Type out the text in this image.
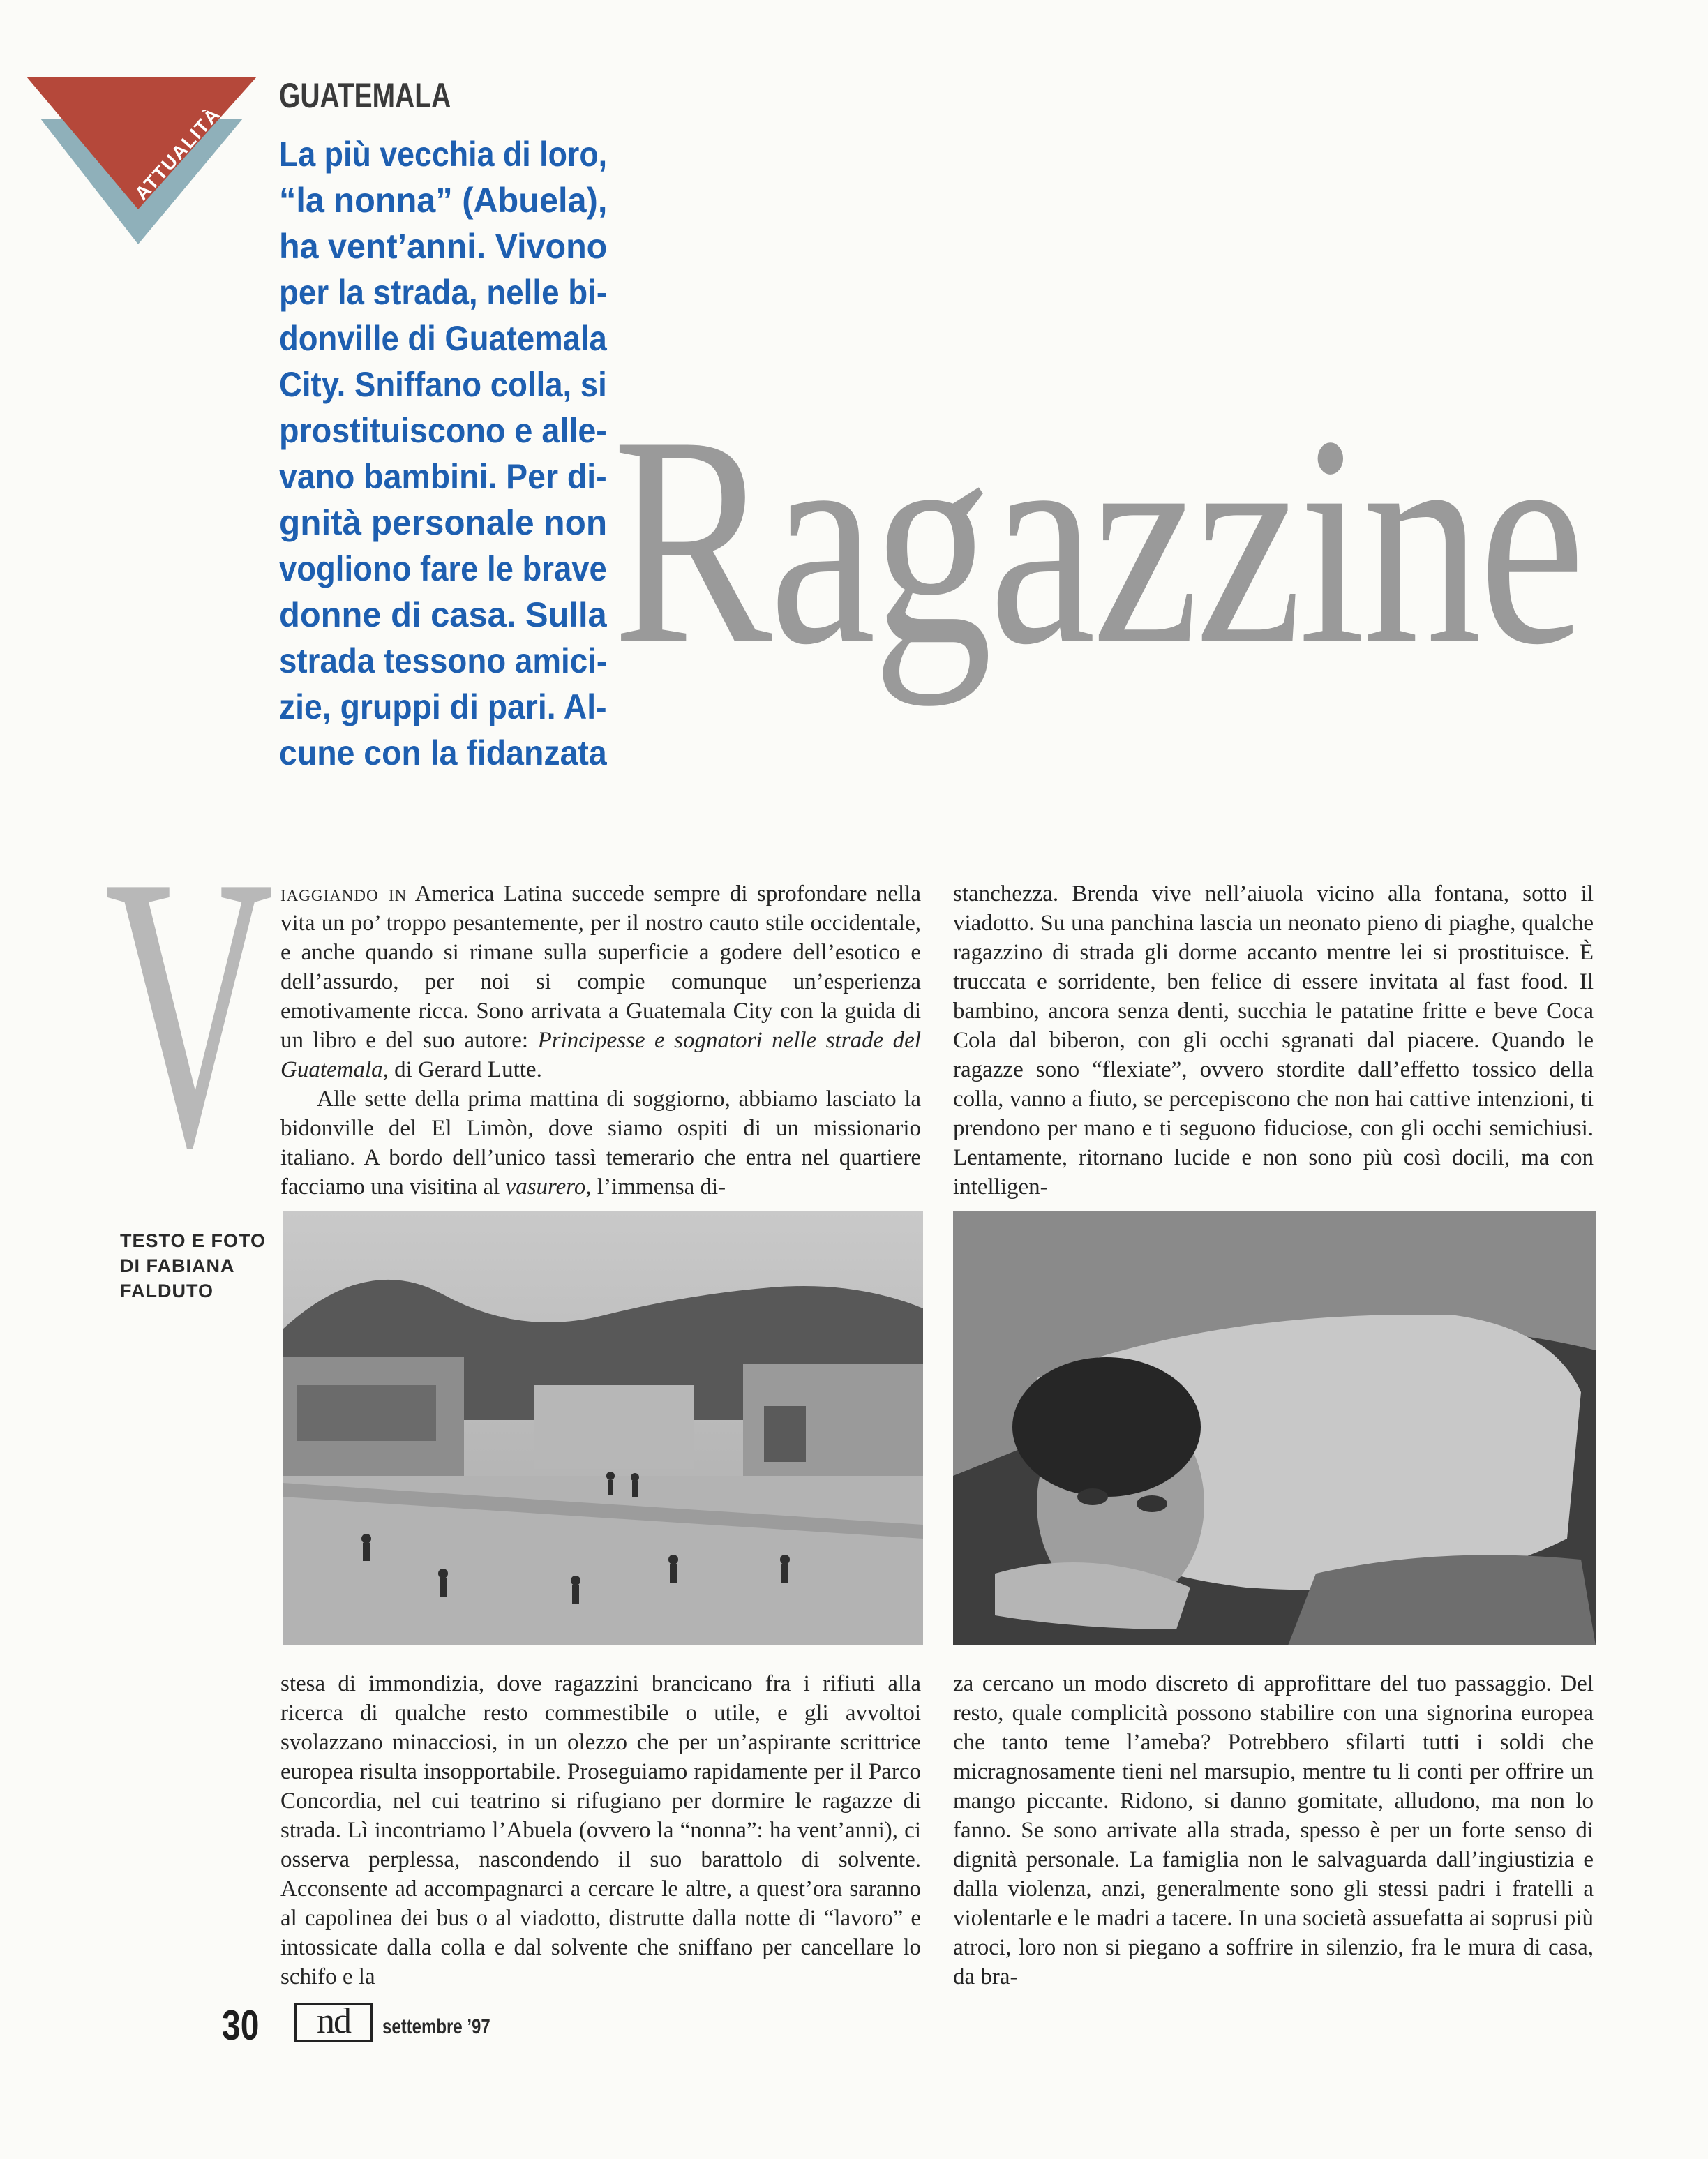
ATTUALITÀ
GUATEMALA
La più vecchia di loro,
“la nonna” (Abuela),
ha vent’anni. Vivono
per la strada, nelle bi-
donville di Guatemala
City. Sniffano colla, si
prostituiscono e alle-
vano bambini. Per di-
gnità personale non
vogliono fare le brave
donne di casa. Sulla
strada tessono amici-
zie, gruppi di pari. Al-
cune con la fidanzata
Ragazzine
V
TESTO E FOTO
DI FABIANA
FALDUTO

iaggiando in America Latina succede sempre di sprofondare nella vita un po’ troppo pesantemente, per il nostro cauto stile occidentale, e anche quando si rimane sulla superficie a godere dell’esotico e dell’assurdo, per noi si compie comunque un’esperienza emotivamente ricca. Sono arrivata a Guatemala City con la guida di un libro e del suo autore: Principesse e sognatori nelle strade del Guatemala, di Gerard Lutte.

Alle sette della prima mattina di soggiorno, abbiamo lasciato la bidonville del El Limòn, dove siamo ospiti di un missionario italiano. A bordo dell’unico tassì temerario che entra nel quartiere facciamo una visitina al vasurero, l’immensa di-

stanchezza. Brenda vive nell’aiuola vicino alla fontana, sotto il viadotto. Su una panchina lascia un neonato pieno di piaghe, qualche ragazzino di strada gli dorme accanto mentre lei si prostituisce. È truccata e sorridente, ben felice di essere invitata al fast food. Il bambino, ancora senza denti, succhia le patatine fritte e beve Coca Cola dal biberon, con gli occhi sgranati dal piacere. Quando le ragazze sono “flexiate”, ovvero stordite dall’effetto tossico della colla, vanno a fiuto, se percepiscono che non hai cattive intenzioni, ti prendono per mano e ti seguono fiduciose, con gli occhi semichiusi. Lentamente, ritornano lucide e non sono più così docili, ma con intelligen-

stesa di immondizia, dove ragazzini brancicano fra i rifiuti alla ricerca di qualche resto commestibile o utile, e gli avvoltoi svolazzano minacciosi, in un olezzo che per un’aspirante scrittrice europea risulta insopportabile. Proseguiamo rapidamente per il Parco Concordia, nel cui teatrino si rifugiano per dormire le ragazze di strada. Lì incontriamo l’Abuela (ovvero la “nonna”: ha vent’anni), ci osserva perplessa, nascondendo il suo barattolo di solvente. Acconsente ad accompagnarci a cercare le altre, a quest’ora saranno al capolinea dei bus o al viadotto, distrutte dalla notte di “lavoro” e intossicate dalla colla e dal solvente che sniffano per cancellare lo schifo e la

za cercano un modo discreto di approfittare del tuo passaggio. Del resto, quale complicità possono stabilire con una signorina europea che tanto teme l’ameba? Potrebbero sfilarti tutti i soldi che micragnosamente tieni nel marsupio, mentre tu li conti per offrire un mango piccante. Ridono, si danno gomitate, alludono, ma non lo fanno. Se sono arrivate alla strada, spesso è per un forte senso di dignità personale. La famiglia non le salvaguarda dall’ingiustizia e dalla violenza, anzi, generalmente sono gli stessi padri i fratelli a violentarle e le madri a tacere. In una società assuefatta ai soprusi più atroci, loro non si piegano a soffrire in silenzio, fra le mura di casa, da bra-

30	nd	settembre ’97
